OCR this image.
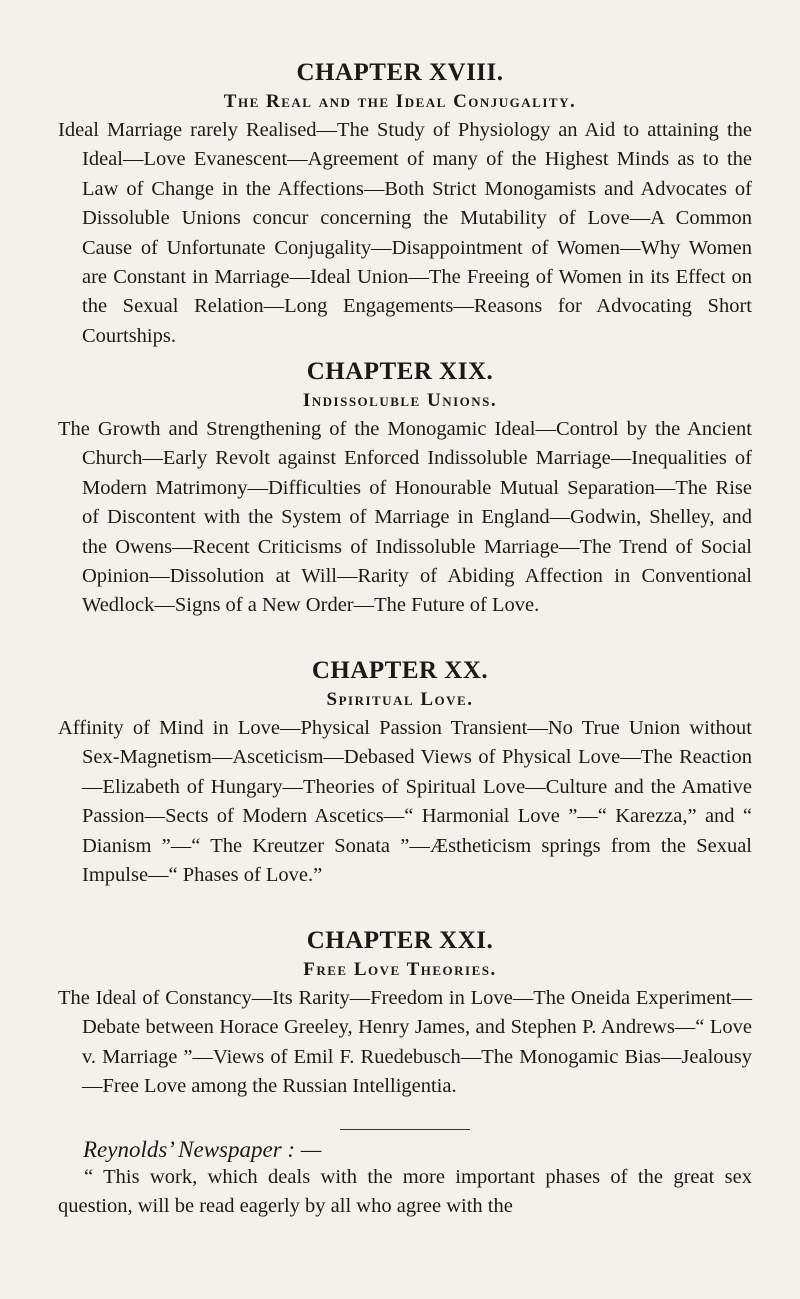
CHAPTER XVIII.
The Real and the Ideal Conjugality.

Ideal Marriage rarely Realised—The Study of Physiology an Aid to attaining the Ideal—Love Evanescent—Agreement of many of the Highest Minds as to the Law of Change in the Affections—Both Strict Monogamists and Advocates of Dissoluble Unions concur concerning the Mutability of Love—A Common Cause of Unfortunate Conjugality—Disappointment of Women—Why Women are Constant in Marriage—Ideal Union—The Freeing of Women in its Effect on the Sexual Relation—Long Engagements—Reasons for Advocating Short Courtships.

CHAPTER XIX.
Indissoluble Unions.

The Growth and Strengthening of the Monogamic Ideal—Control by the Ancient Church—Early Revolt against Enforced Indissoluble Marriage—Inequalities of Modern Matrimony—Difficulties of Honourable Mutual Separation—The Rise of Discontent with the System of Marriage in England—Godwin, Shelley, and the Owens—Recent Criticisms of Indissoluble Marriage—The Trend of Social Opinion—Dissolution at Will—Rarity of Abiding Affection in Conventional Wedlock—Signs of a New Order—The Future of Love.

CHAPTER XX.
Spiritual Love.

Affinity of Mind in Love—Physical Passion Transient—No True Union without Sex-Magnetism—Asceticism—Debased Views of Physical Love—The Reaction—Elizabeth of Hungary—Theories of Spiritual Love—Culture and the Amative Passion—Sects of Modern Ascetics—“ Harmonial Love ”—“ Karezza,” and “ Dianism ”—“ The Kreutzer Sonata ”—Æstheticism springs from the Sexual Impulse—“ Phases of Love.”

CHAPTER XXI.
Free Love Theories.

The Ideal of Constancy—Its Rarity—Freedom in Love—The Oneida Experiment—Debate between Horace Greeley, Henry James, and Stephen P. Andrews—“ Love v. Marriage ”—Views of Emil F. Ruedebusch—The Monogamic Bias—Jealousy—Free Love among the Russian Intelligentia.

Reynolds’ Newspaper : —

“ This work, which deals with the more important phases of the great sex question, will be read eagerly by all who agree with the
